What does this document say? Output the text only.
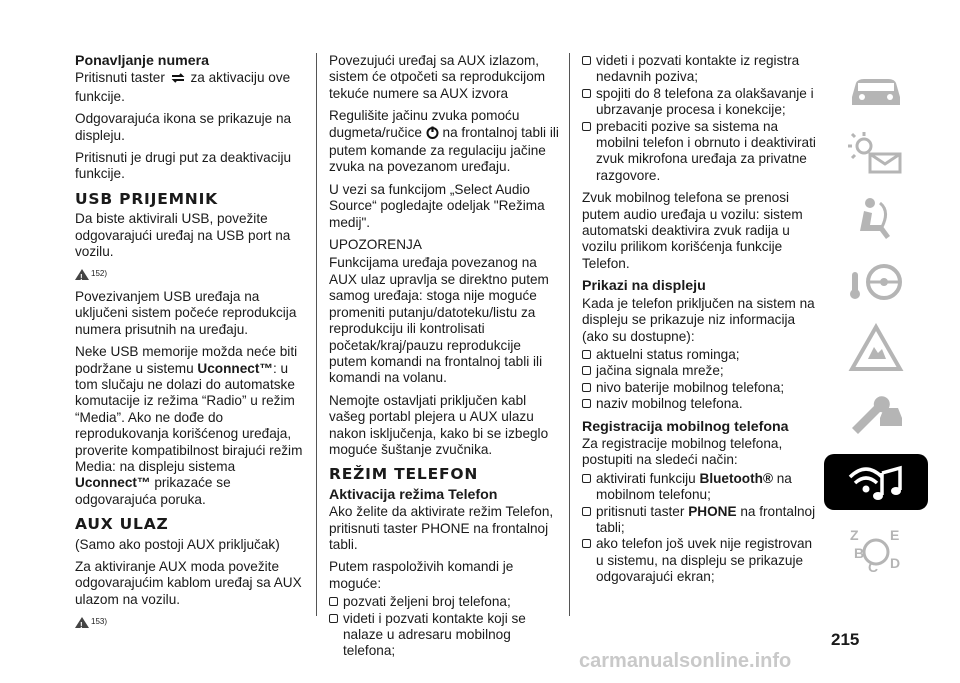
Ponavljanje numera

Pritisnuti taster za aktivaciju ove funkcije.

Odgovarajuća ikona se prikazuje na displeju.

Pritisnuti je drugi put za deaktivaciju funkcije.

USB PRIJEMNIK

Da biste aktivirali USB, povežite odgovarajući uređaj na USB port na vozilu.

!
152)

Povezivanjem USB uređaja na uključeni sistem počeće reprodukcija numera prisutnih na uređaju.

Neke USB memorije možda neće biti podržane u sistemu Uconnect™: u tom slučaju ne dolazi do automatske komutacije iz režima “Radio” u režim “Media”. Ako ne dođe do reprodukovanja korišćenog uređaja, proverite kompatibilnost birajući režim Media: na displeju sistema Uconnect™ prikazaće se odgovarajuća poruka.

AUX ULAZ

(Samo ako postoji AUX priključak)

Za aktiviranje AUX moda povežite odgovarajućim kablom uređaj sa AUX ulazom na vozilu.

!
153)

Povezujući uređaj sa AUX izlazom, sistem će otpočeti sa reprodukcijom tekuće numere sa AUX izvora

Regulišite jačinu zvuka pomoću dugmeta/ručice na frontalnoj tabli ili putem komande za regulaciju jačine zvuka na povezanom uređaju.

U vezi sa funkcijom „Select Audio Source“ pogledajte odeljak "Režima medij".

UPOZORENJA

Funkcijama uređaja povezanog na AUX ulaz upravlja se direktno putem samog uređaja: stoga nije moguće promeniti putanju/datoteku/listu za reprodukciju ili kontrolisati početak/kraj/pauzu reprodukcije putem komandi na frontalnoj tabli ili komandi na volanu.

Nemojte ostavljati priključen kabl vašeg portabl plejera u AUX ulazu nakon isključenja, kako bi se izbeglo moguće šuštanje zvučnika.

REŽIM TELEFON

Aktivacija režima Telefon

Ako želite da aktivirate režim Telefon, pritisnuti taster PHONE na frontalnoj tabli.

Putem raspoloživih komandi je moguće:

pozvati željeni broj telefona;
videti i pozvati kontakte koji se nalaze u adresaru mobilnog telefona;
videti i pozvati kontakte iz registra nedavnih poziva;
spojiti do 8 telefona za olakšavanje i ubrzavanje procesa i konekcije;
prebaciti pozive sa sistema na mobilni telefon i obrnuto i deaktivirati zvuk mikrofona uređaja za privatne razgovore.

Zvuk mobilnog telefona se prenosi putem audio uređaja u vozilu: sistem automatski deaktivira zvuk radija u vozilu prilikom korišćenja funkcije Telefon.

Prikazi na displeju

Kada je telefon priključen na sistem na displeju se prikazuje niz informacija (ako su dostupne):

aktuelni status rominga;
jačina signala mreže;
nivo baterije mobilnog telefona;
naziv mobilnog telefona.

Registracija mobilnog telefona

Za registracije mobilnog telefona, postupiti na sledeći način:

aktivirati funkciju Bluetooth® na mobilnom telefonu;
pritisnuti taster PHONE na frontalnoj tabli;
ako telefon još uvek nije registrovan u sistemu, na displeju se prikazuje odgovarajući ekran;
Z E
B
C D
215
carmanualsonline.info
